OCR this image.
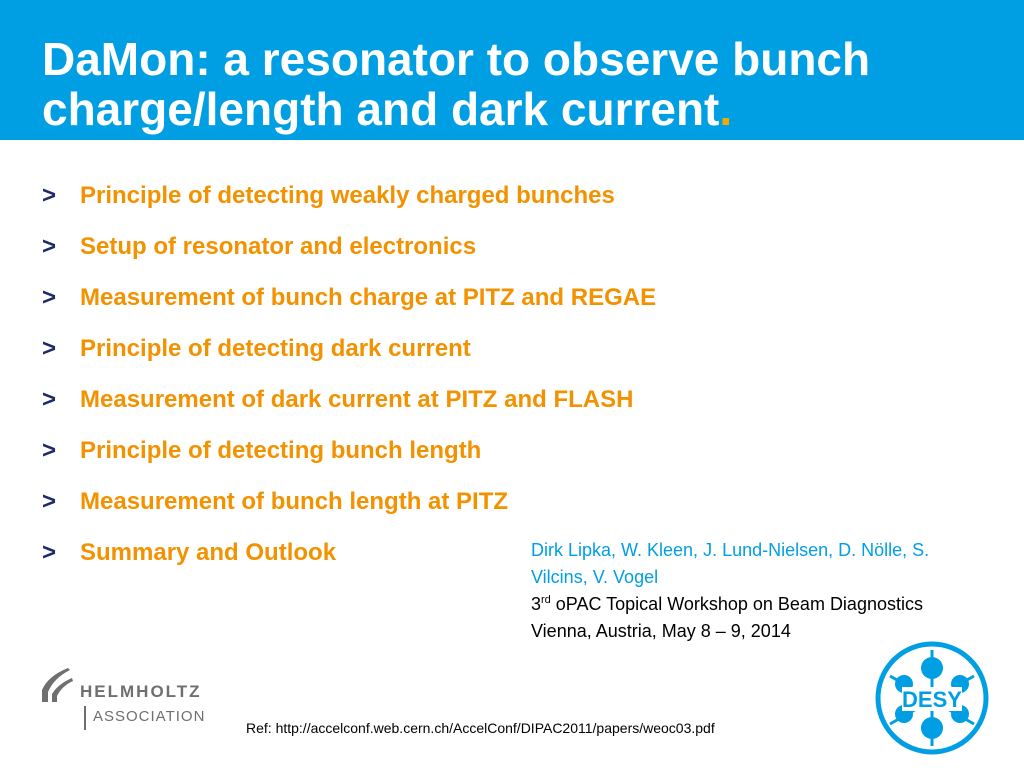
DaMon: a resonator to observe bunch charge/length and dark current.
> Principle of detecting weakly charged bunches
> Setup of resonator and electronics
> Measurement of bunch charge at PITZ and REGAE
> Principle of detecting dark current
> Measurement of dark current at PITZ and FLASH
> Principle of detecting bunch length
> Measurement of bunch length at PITZ
> Summary and Outlook	Dirk Lipka, W. Kleen, J. Lund-Nielsen, D. Nölle, S. Vilcins, V. Vogel
3rd oPAC Topical Workshop on Beam Diagnostics
Vienna, Austria, May 8 – 9, 2014
Ref: http://accelconf.web.cern.ch/AccelConf/DIPAC2011/papers/weoc03.pdf
HELMHOLTZ
ASSOCIATION
DESY
